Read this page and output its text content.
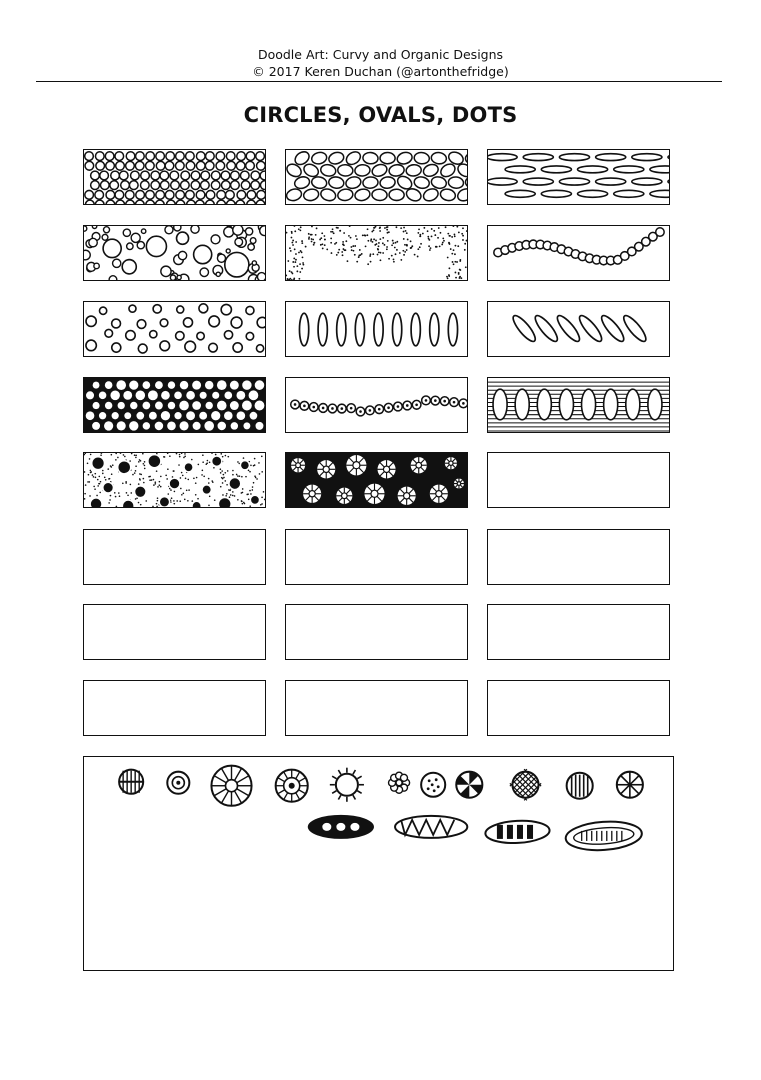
Doodle Art: Curvy and Organic Designs
© 2017 Keren Duchan (@artonthefridge)
CIRCLES, OVALS, DOTS
